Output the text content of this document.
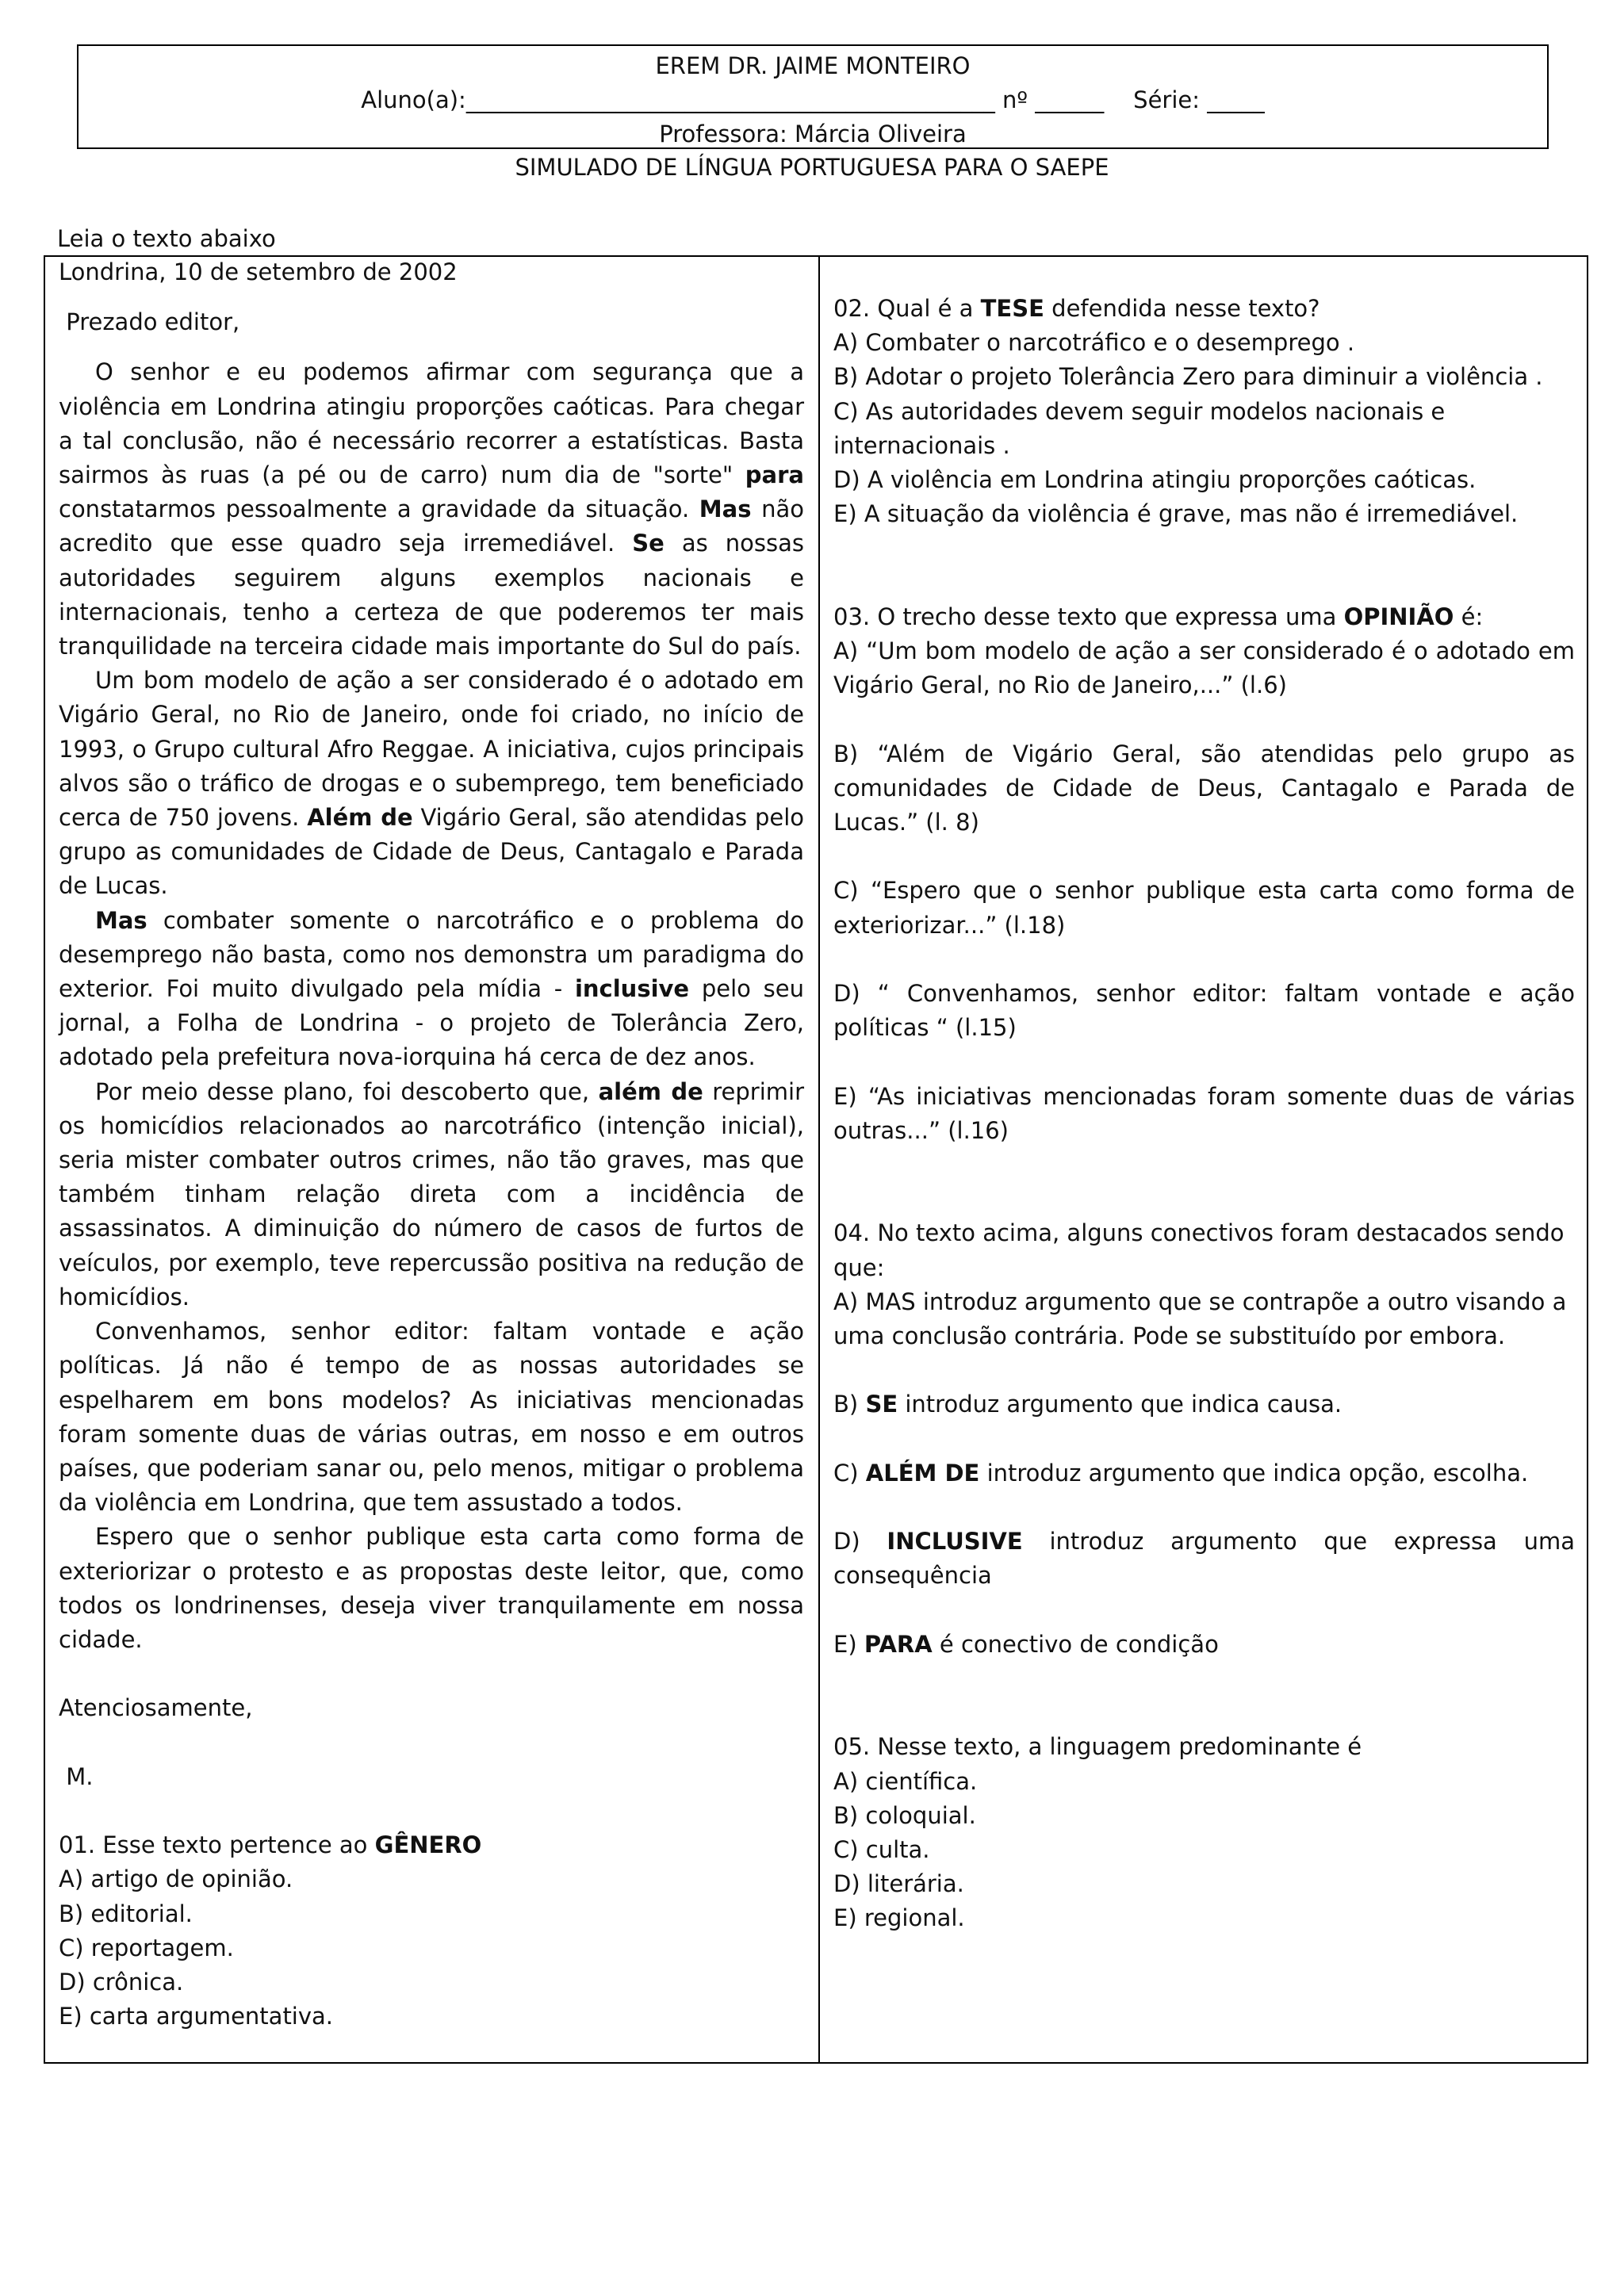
EREM DR. JAIME MONTEIRO
Aluno(a):______________________________________________ nº ______    Série: _____
Professora: Márcia Oliveira
SIMULADO DE LÍNGUA PORTUGUESA PARA O SAEPE
Leia o texto abaixo

Londrina, 10 de setembro de 2002

Prezado editor,

O senhor e eu podemos afirmar com segurança que a violência em Londrina atingiu proporções caóticas. Para chegar a tal conclusão, não é necessário recorrer a estatísticas. Basta sairmos às ruas (a pé ou de carro) num dia de "sorte" para constatarmos pessoalmente a gravidade da situação. Mas não acredito que esse quadro seja irremediável. Se as nossas autoridades seguirem alguns exemplos nacionais e internacionais, tenho a certeza de que poderemos ter mais tranquilidade na terceira cidade mais importante do Sul do país.

Um bom modelo de ação a ser considerado é o adotado em Vigário Geral, no Rio de Janeiro, onde foi criado, no início de 1993, o Grupo cultural Afro Reggae. A iniciativa, cujos principais alvos são o tráfico de drogas e o subemprego, tem beneficiado cerca de 750 jovens. Além de Vigário Geral, são atendidas pelo grupo as comunidades de Cidade de Deus, Cantagalo e Parada de Lucas.

Mas combater somente o narcotráfico e o problema do desemprego não basta, como nos demonstra um paradigma do exterior. Foi muito divulgado pela mídia - inclusive pelo seu jornal, a Folha de Londrina - o projeto de Tolerância Zero, adotado pela prefeitura nova-iorquina há cerca de dez anos.

Por meio desse plano, foi descoberto que, além de reprimir os homicídios relacionados ao narcotráfico (intenção inicial), seria mister combater outros crimes, não tão graves, mas que também tinham relação direta com a incidência de assassinatos. A diminuição do número de casos de furtos de veículos, por exemplo, teve repercussão positiva na redução de homicídios.

Convenhamos, senhor editor: faltam vontade e ação políticas. Já não é tempo de as nossas autoridades se espelharem em bons modelos? As iniciativas mencionadas foram somente duas de várias outras, em nosso e em outros países, que poderiam sanar ou, pelo menos, mitigar o problema da violência em Londrina, que tem assustado a todos.

Espero que o senhor publique esta carta como forma de exteriorizar o protesto e as propostas deste leitor, que, como todos os londrinenses, deseja viver tranquilamente em nossa cidade.

Atenciosamente,

M.

01. Esse texto pertence ao GÊNERO

A) artigo de opinião.

B) editorial.

C) reportagem.

D) crônica.

E) carta argumentativa.

02. Qual é a TESE defendida nesse texto?

A) Combater o narcotráfico e o desemprego .

B) Adotar o projeto Tolerância Zero para diminuir a violência .

C) As autoridades devem seguir modelos nacionais e internacionais .

D) A violência em Londrina atingiu proporções caóticas.

E) A situação da violência é grave, mas não é irremediável.

03. O trecho desse texto que expressa uma OPINIÃO é:

A) “Um bom modelo de ação a ser considerado é o adotado em Vigário Geral, no Rio de Janeiro,...” (l.6)

B) “Além de Vigário Geral, são atendidas pelo grupo as comunidades de Cidade de Deus, Cantagalo e Parada de Lucas.” (l. 8)

C) “Espero que o senhor publique esta carta como forma de exteriorizar...” (l.18)

D) “ Convenhamos, senhor editor: faltam vontade e ação políticas “ (l.15)

E) “As iniciativas mencionadas foram somente duas de várias outras...” (l.16)

04. No texto acima, alguns conectivos foram destacados sendo que:

A) MAS introduz argumento que se contrapõe a outro visando a uma conclusão contrária. Pode se substituído por embora.

B) SE introduz argumento que indica causa.

C) ALÉM DE introduz argumento que indica opção, escolha.

D) INCLUSIVE introduz argumento que expressa uma consequência

E) PARA é conectivo de condição

05. Nesse texto, a linguagem predominante é

A) científica.

B) coloquial.

C) culta.

D) literária.

E) regional.
